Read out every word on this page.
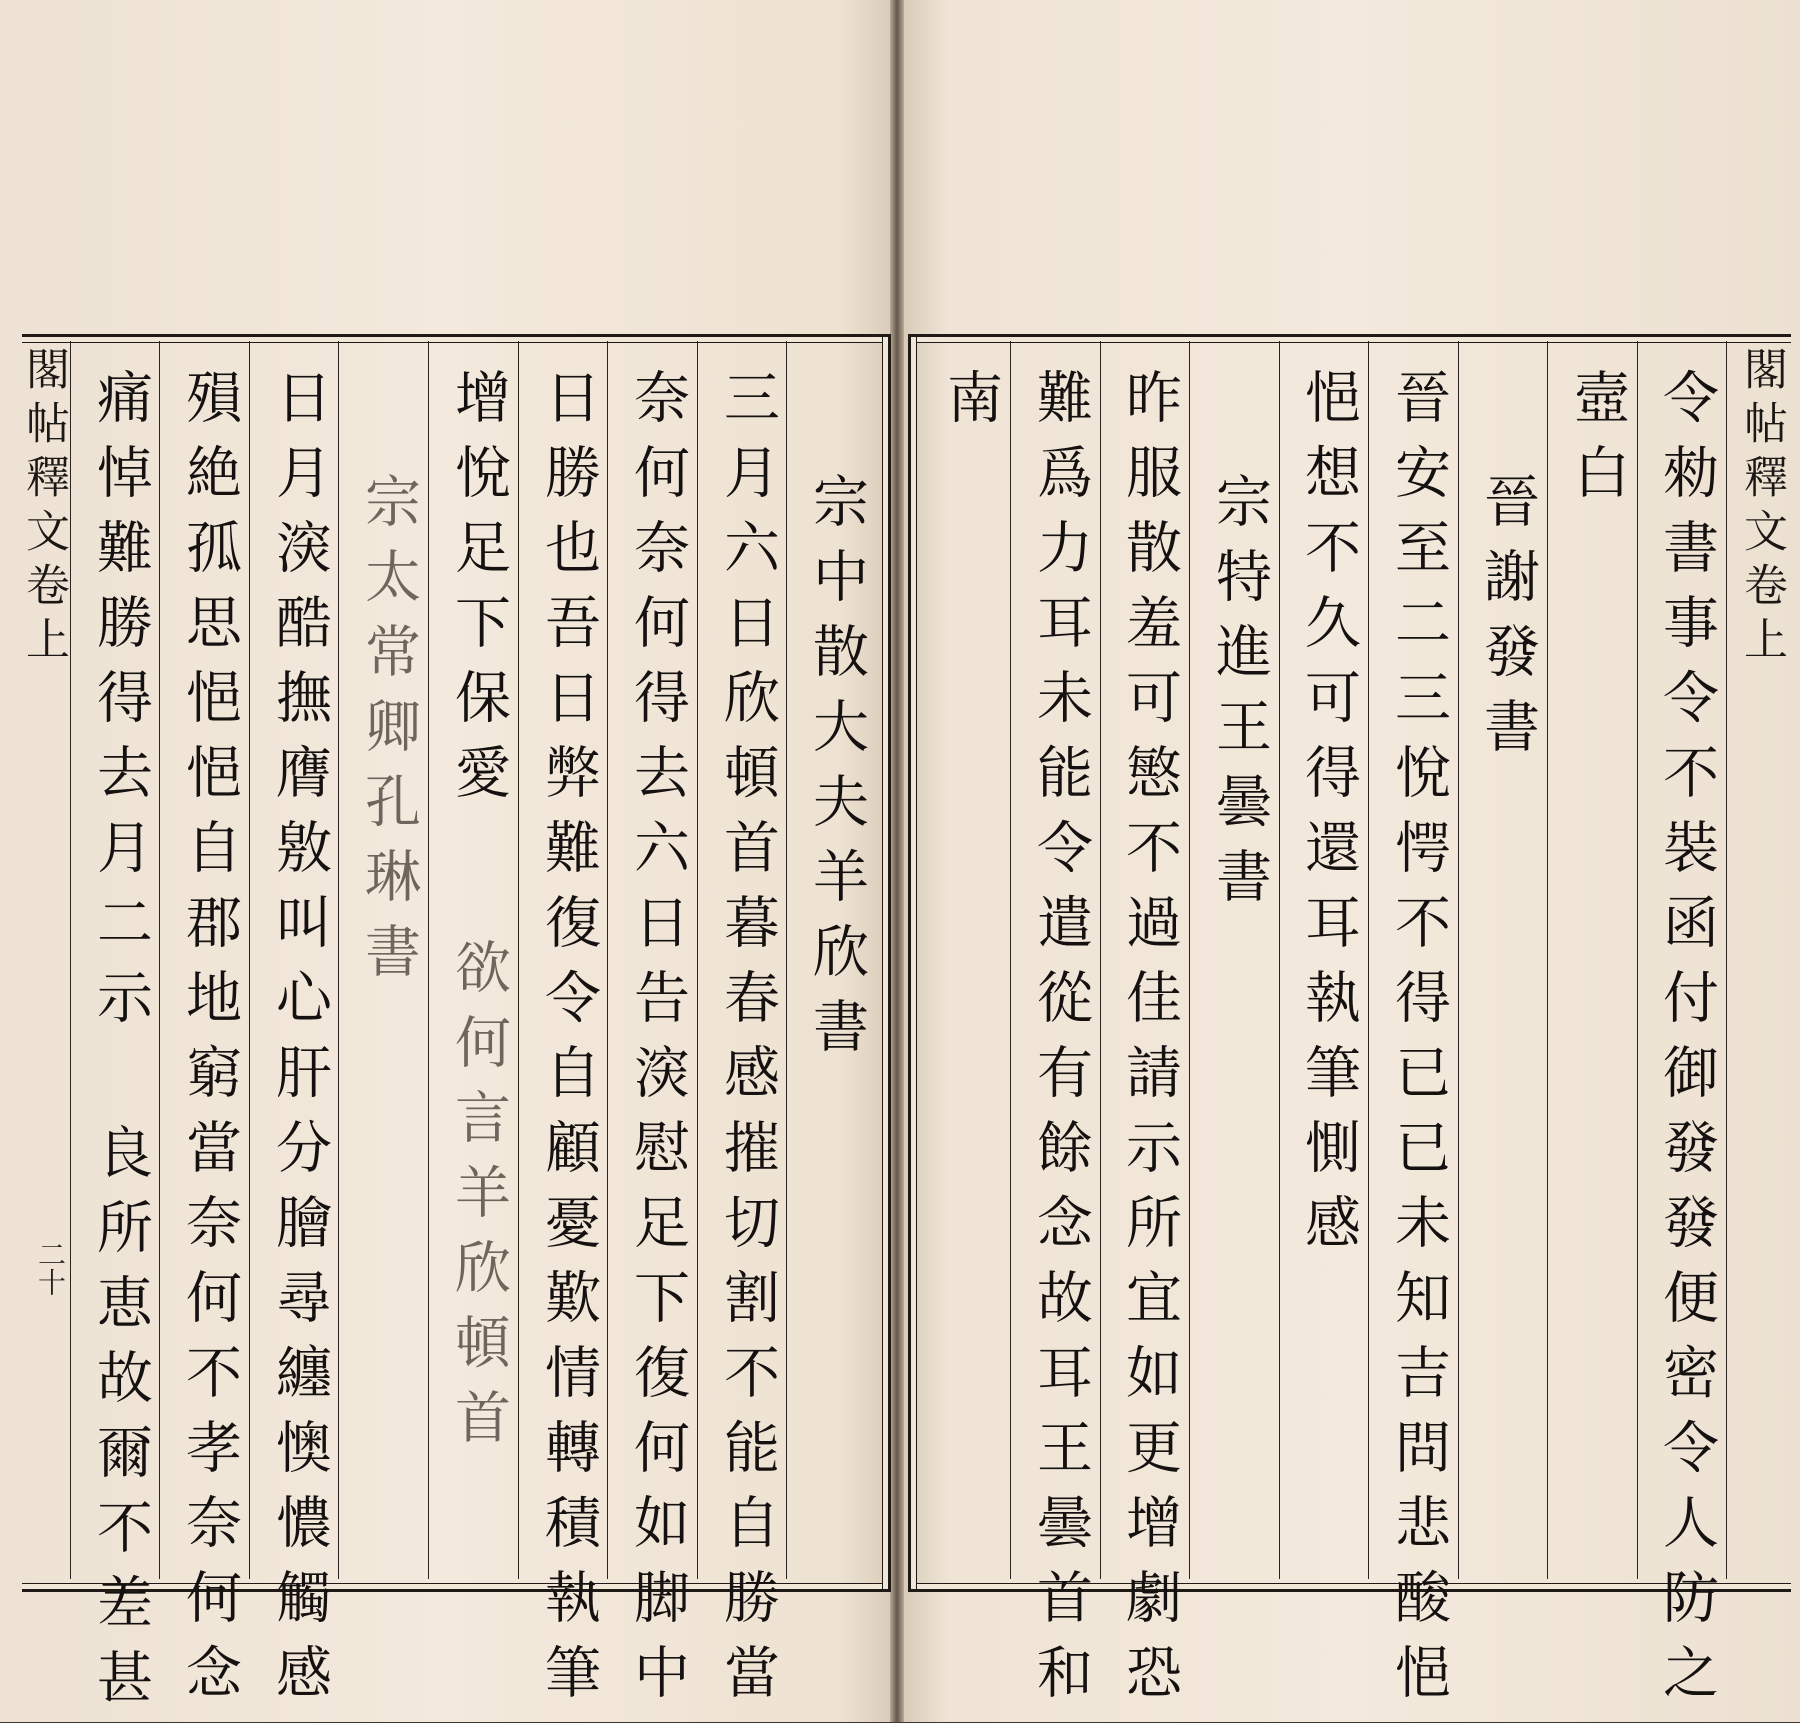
閣帖釋文卷上
二十
宗中散大夫羊欣書
三月六日欣頓首暮春感摧切割不能自勝當
奈何奈何得去六日告㴱慰足下復何如脚中
日勝也吾日弊難復令自顧憂歎情轉積執筆
增悅足下保愛欲何言羊欣頓首
宗太常卿孔琳書
日月㴱酷撫膺敫叫心肝分膾尋纏懊憹觸感
殞絶孤思悒悒自郡地窮當奈何不孝奈何念
痛悼難勝得去月二示良所恵故爾不差甚
閣帖釋文卷上
令勑書事令不裝函付御發發便密令人防之
壼白
晉謝發書
晉安至二三悅愕不得已已未知吉問悲酸悒
悒想不久可得還耳執筆惻感
宗特進王曇書
昨服散羞可慜不過佳請示所宜如更增劇恐
難爲力耳未能令遣從有餘念故耳王曇首和
南
